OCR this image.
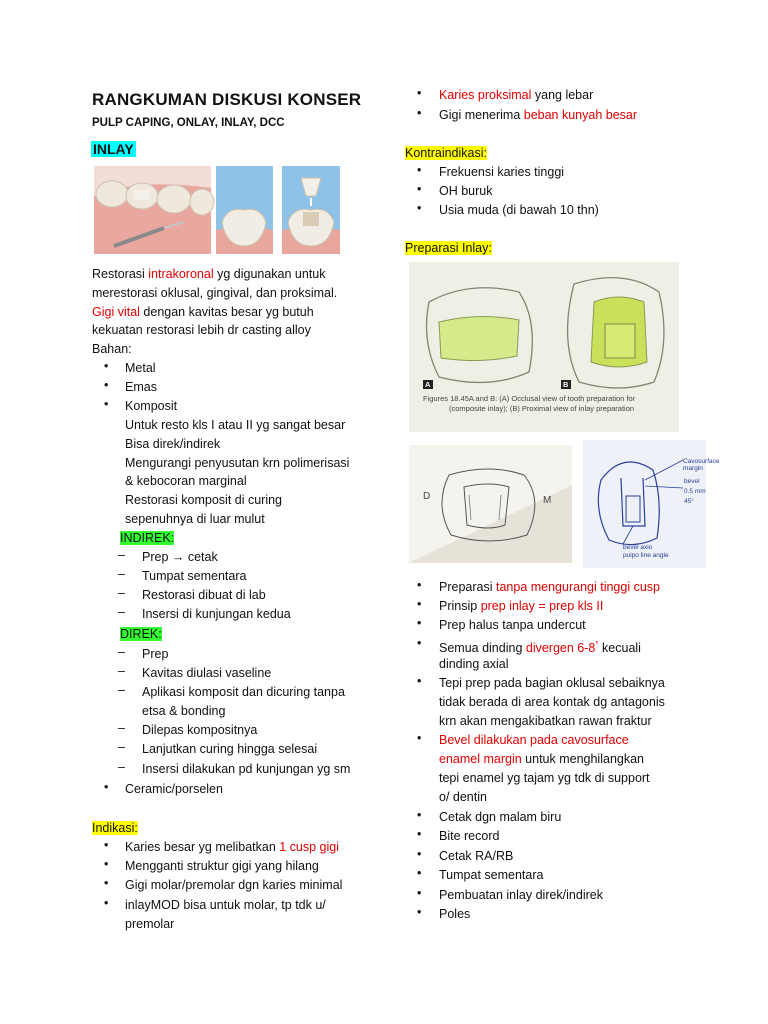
RANGKUMAN DISKUSI KONSER
PULP CAPING, ONLAY, INLAY, DCC
INLAY
Restorasi intrakoronal yg digunakan untuk
merestorasi oklusal, gingival, dan proksimal.
Gigi vital dengan kavitas besar yg butuh
kekuatan restorasi lebih dr casting alloy
Bahan:
• Metal
• Emas
• Komposit
Untuk resto kls I atau II yg sangat besar
Bisa direk/indirek
Mengurangi penyusutan krn polimerisasi
& kebocoran marginal
Restorasi komposit di curing
sepenuhnya di luar mulut
INDIREK:
– Prep → cetak
– Tumpat sementara
– Restorasi dibuat di lab
– Insersi di kunjungan kedua
DIREK:
– Prep
– Kavitas diulasi vaseline
– Aplikasi komposit dan dicuring tanpa
etsa & bonding
– Dilepas kompositnya
– Lanjutkan curing hingga selesai
– Insersi dilakukan pd kunjungan yg sm
• Ceramic/porselen
Indikasi:
• Karies besar yg melibatkan 1 cusp gigi
• Mengganti struktur gigi yang hilang
• Gigi molar/premolar dgn karies minimal
• inlayMOD bisa untuk molar, tp tdk u/
premolar
• Karies proksimal yang lebar
• Gigi menerima beban kunyah besar
Kontraindikasi:
• Frekuensi karies tinggi
• OH buruk
• Usia muda (di bawah 10 thn)
Preparasi Inlay:
A	B
Figures 18.45A and B: (A) Occlusal view of tooth preparation for
(composite inlay); (B) Proximal view of inlay preparation
D	M
Cavosurface margin
bevel
0.5 mm
45°
bevel axio
pulpo line angle
• Preparasi tanpa mengurangi tinggi cusp
• Prinsip prep inlay = prep kls II
• Prep halus tanpa undercut
• Semua dinding divergen 6-8° kecuali
dinding axial
• Tepi prep pada bagian oklusal sebaiknya
tidak berada di area kontak dg antagonis
krn akan mengakibatkan rawan fraktur
• Bevel dilakukan pada cavosurface
enamel margin untuk menghilangkan
tepi enamel yg tajam yg tdk di support
o/ dentin
• Cetak dgn malam biru
• Bite record
• Cetak RA/RB
• Tumpat sementara
• Pembuatan inlay direk/indirek
• Poles
